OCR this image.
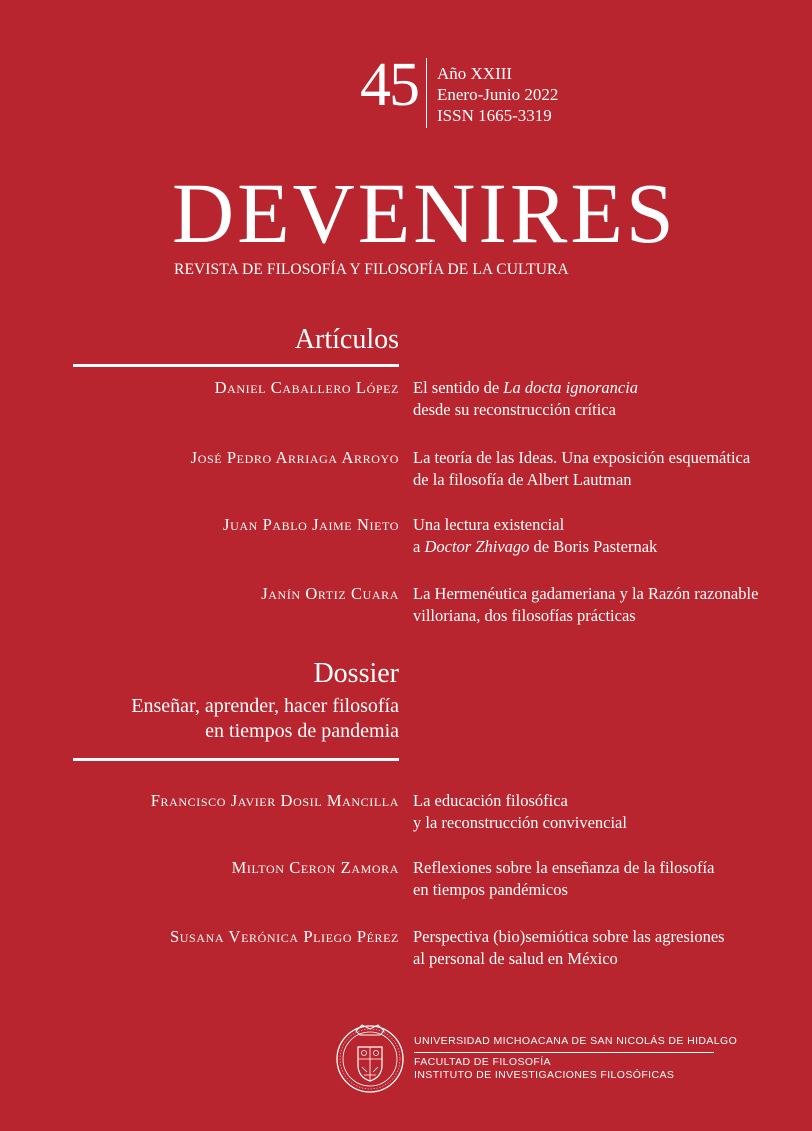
45 Año XXIII
Enero-Junio 2022
ISSN 1665-3319
DEVENIRES
REVISTA DE FILOSOFÍA Y FILOSOFÍA DE LA CULTURA
Artículos
Daniel Caballero López El sentido de La docta ignorancia
desde su reconstrucción crítica
José Pedro Arriaga Arroyo La teoría de las Ideas. Una exposición esquemática
de la filosofía de Albert Lautman
Juan Pablo Jaime Nieto Una lectura existencial
a Doctor Zhivago de Boris Pasternak
Janín Ortiz Cuara La Hermenéutica gadameriana y la Razón razonable
villoriana, dos filosofías prácticas
Dossier
Enseñar, aprender, hacer filosofía
en tiempos de pandemia
Francisco Javier Dosil Mancilla La educación filosófica
y la reconstrucción convivencial
Milton Ceron Zamora Reflexiones sobre la enseñanza de la filosofía
en tiempos pandémicos
Susana Verónica Pliego Pérez Perspectiva (bio)semiótica sobre las agresiones
al personal de salud en México
UNIVERSIDAD MICHOACANA DE SAN NICOLÁS DE HIDALGO
FACULTAD DE FILOSOFÍA
INSTITUTO DE INVESTIGACIONES FILOSÓFICAS
